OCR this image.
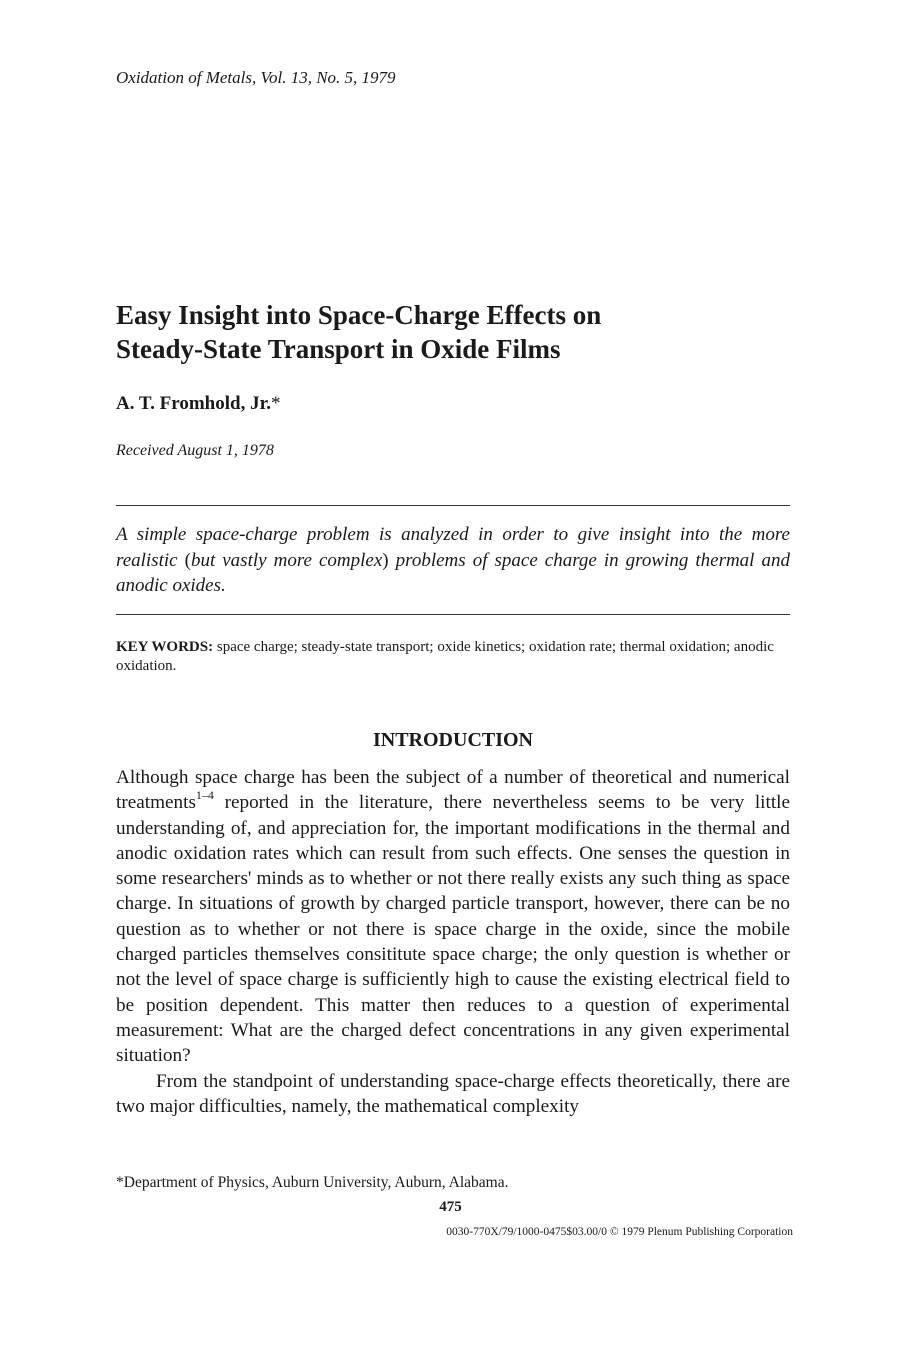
Oxidation of Metals, Vol. 13, No. 5, 1979
Easy Insight into Space-Charge Effects on
Steady-State Transport in Oxide Films
A. T. Fromhold, Jr.*
Received August 1, 1978
A simple space-charge problem is analyzed in order to give insight into the more realistic (but vastly more complex) problems of space charge in growing thermal and anodic oxides.
KEY WORDS: space charge; steady-state transport; oxide kinetics; oxidation rate; thermal oxidation; anodic oxidation.
INTRODUCTION

Although space charge has been the subject of a number of theoretical and numerical treatments$^{1-4}$ reported in the literature, there nevertheless seems to be very little understanding of, and appreciation for, the important modifications in the thermal and anodic oxidation rates which can result from such effects. One senses the question in some researchers' minds as to whether or not there really exists any such thing as space charge. In situations of growth by charged particle transport, however, there can be no question as to whether or not there is space charge in the oxide, since the mobile charged particles themselves consititute space charge; the only question is whether or not the level of space charge is sufficiently high to cause the existing electrical field to be position dependent. This matter then reduces to a question of experimental measurement: What are the charged defect concentrations in any given experimental situation?

From the standpoint of understanding space-charge effects theoretically, there are two major difficulties, namely, the mathematical complexity

*Department of Physics, Auburn University, Auburn, Alabama.
475
0030-770X/79/1000-0475$03.00/0 © 1979 Plenum Publishing Corporation
